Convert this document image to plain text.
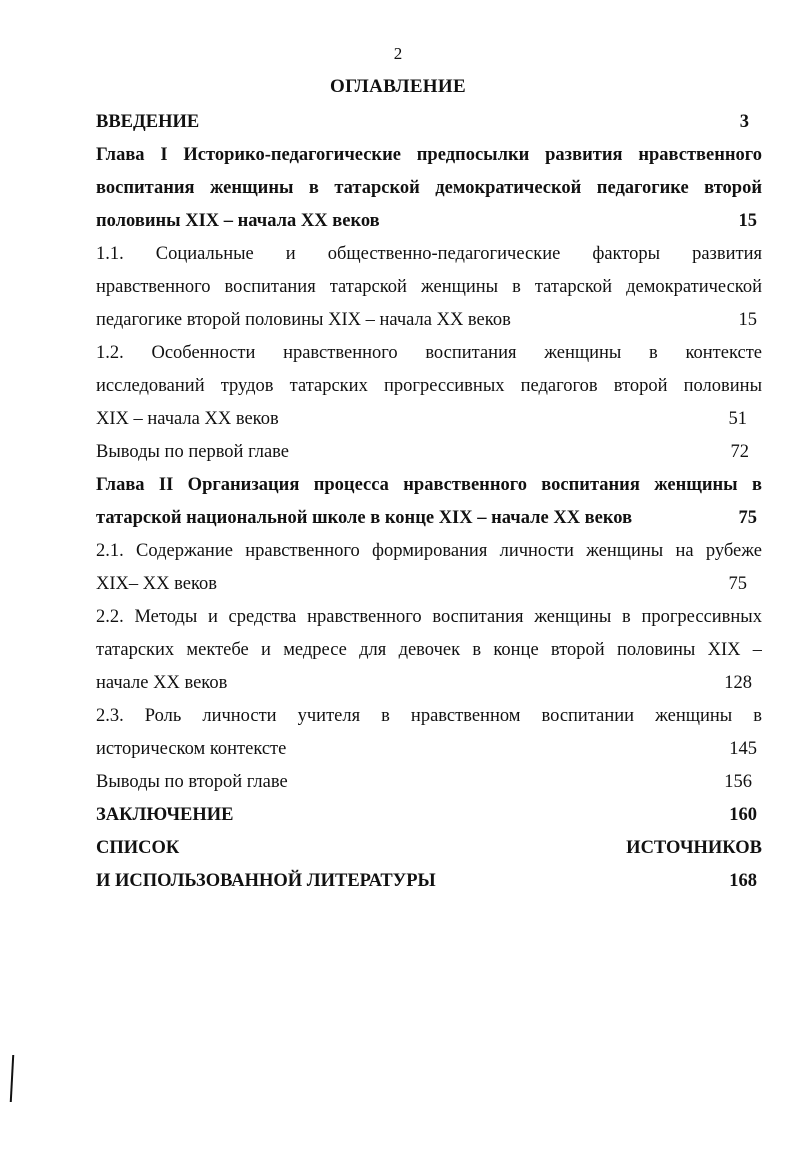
2
ОГЛАВЛЕНИЕ
ВВЕДЕНИЕ	3
Глава I Историко-педагогические предпосылки развития нравственного
воспитания женщины в татарской демократической педагогике второй
половины XIX – начала XX веков	15
1.1. Социальные и общественно-педагогические факторы развития
нравственного воспитания татарской женщины в татарской демократической
педагогике второй половины XIX – начала XX веков	15
1.2. Особенности нравственного воспитания женщины в контексте
исследований трудов татарских прогрессивных педагогов второй половины
XIX – начала XX веков	51
Выводы по первой главе	72
Глава II Организация процесса нравственного воспитания женщины в
татарской национальной школе в конце XIX – начале XX веков	75
2.1. Содержание нравственного формирования личности женщины на рубеже
XIX– XX веков	75
2.2. Методы и средства нравственного воспитания женщины в прогрессивных
татарских мектебе и медресе для девочек в конце второй половины XIX –
начале XX веков	128
2.3. Роль личности учителя в нравственном воспитании женщины в
историческом контексте	145
Выводы по второй главе	156
ЗАКЛЮЧЕНИЕ	160
СПИСОК ИСТОЧНИКОВ
И ИСПОЛЬЗОВАННОЙ ЛИТЕРАТУРЫ	168
